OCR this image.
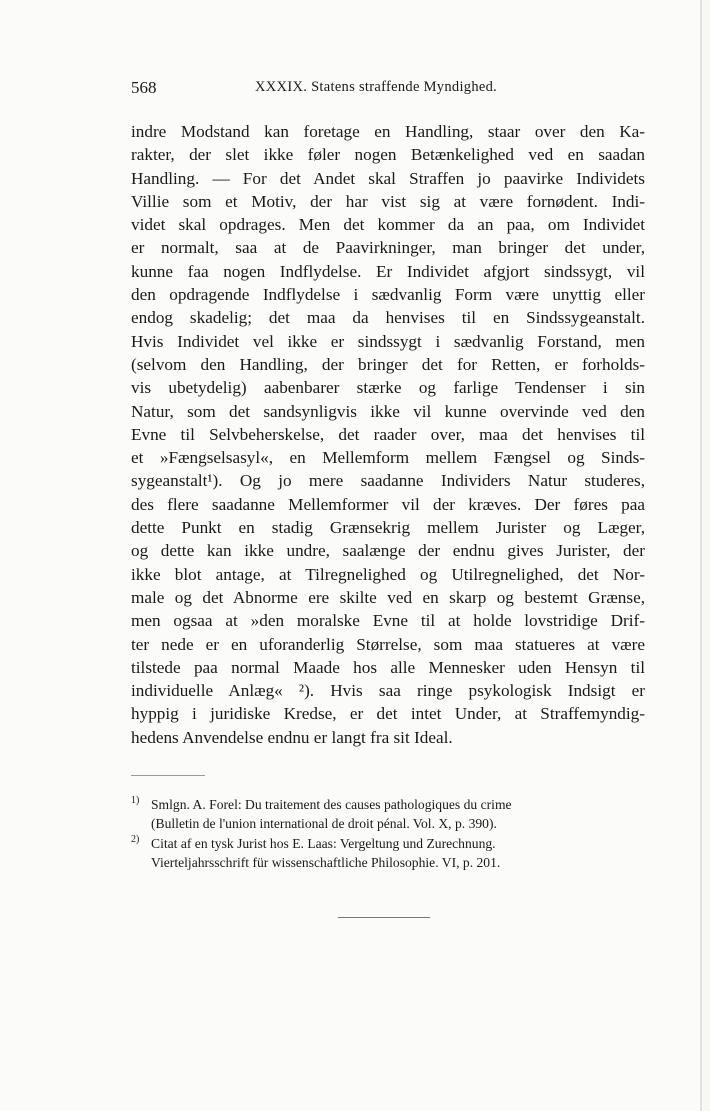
568	XXXIX. Statens straffende Myndighed.
indre Modstand kan foretage en Handling, staar over den Ka-
rakter, der slet ikke føler nogen Betænkelighed ved en saadan
Handling. — For det Andet skal Straffen jo paavirke Individets
Villie som et Motiv, der har vist sig at være fornødent. Indi-
videt skal opdrages. Men det kommer da an paa, om Individet
er normalt, saa at de Paavirkninger, man bringer det under,
kunne faa nogen Indflydelse. Er Individet afgjort sindssygt, vil
den opdragende Indflydelse i sædvanlig Form være unyttig eller
endog skadelig; det maa da henvises til en Sindssygeanstalt.
Hvis Individet vel ikke er sindssygt i sædvanlig Forstand, men
(selvom den Handling, der bringer det for Retten, er forholds-
vis ubetydelig) aabenbarer stærke og farlige Tendenser i sin
Natur, som det sandsynligvis ikke vil kunne overvinde ved den
Evne til Selvbeherskelse, det raader over, maa det henvises til
et »Fængselsasyl«, en Mellemform mellem Fængsel og Sinds-
sygeanstalt¹). Og jo mere saadanne Individers Natur studeres,
des flere saadanne Mellemformer vil der kræves. Der føres paa
dette Punkt en stadig Grænsekrig mellem Jurister og Læger,
og dette kan ikke undre, saalænge der endnu gives Jurister, der
ikke blot antage, at Tilregnelighed og Utilregnelighed, det Nor-
male og det Abnorme ere skilte ved en skarp og bestemt Grænse,
men ogsaa at »den moralske Evne til at holde lovstridige Drif-
ter nede er en uforanderlig Størrelse, som maa statueres at være
tilstede paa normal Maade hos alle Mennesker uden Hensyn til
individuelle Anlæg« ²). Hvis saa ringe psykologisk Indsigt er
hyppig i juridiske Kredse, er det intet Under, at Straffemyndig-
hedens Anvendelse endnu er langt fra sit Ideal.
1) Smlgn. A. Forel: Du traitement des causes pathologiques du crime
(Bulletin de l'union international de droit pénal. Vol. X, p. 390).
2) Citat af en tysk Jurist hos E. Laas: Vergeltung und Zurechnung.
Vierteljahrsschrift für wissenschaftliche Philosophie. VI, p. 201.
